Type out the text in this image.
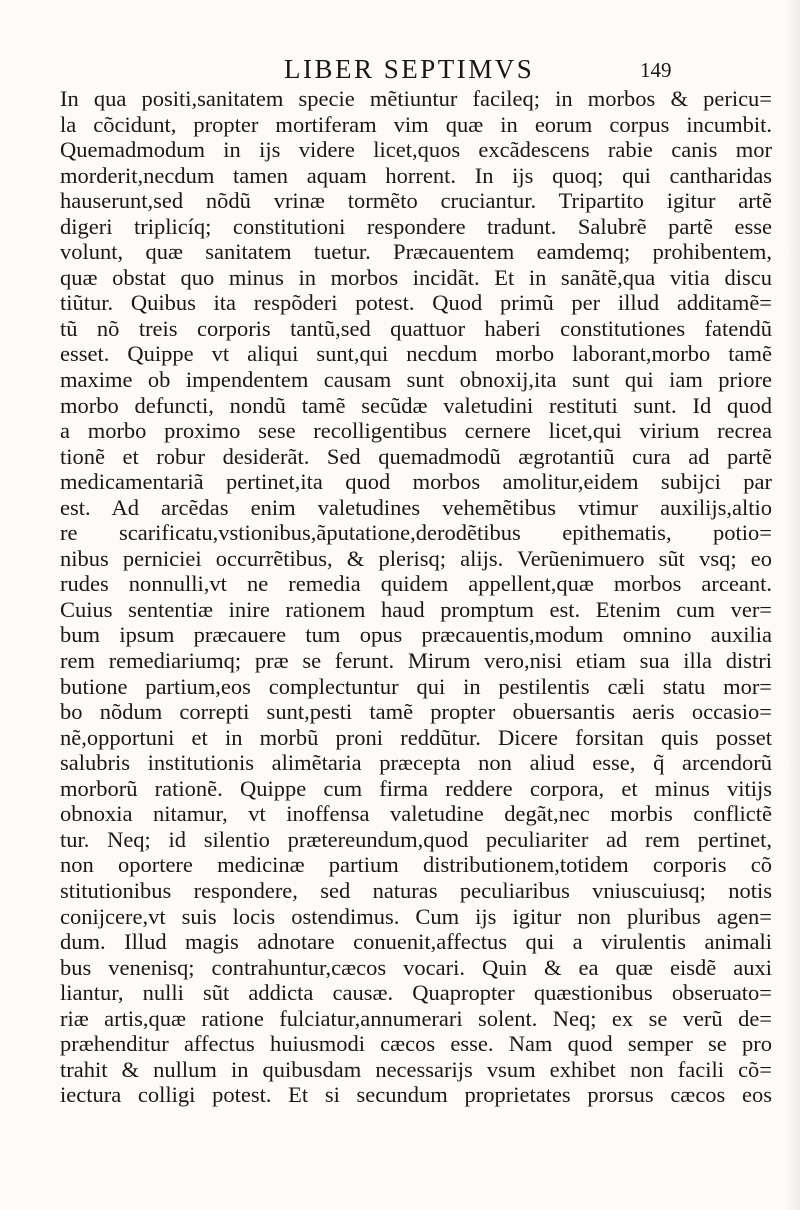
LIBER SEPTIMVS	149
In qua positi,sanitatem specie mẽtiuntur facileq; in morbos & pericu=
la cõcidunt, propter mortiferam vim quæ in eorum corpus incumbit.
Quemadmodum in ijs videre licet,quos excãdescens rabie canis mor
morderit,necdum tamen aquam horrent. In ijs quoq; qui cantharidas
hauserunt,sed nõdũ vrinæ tormẽto cruciantur. Tripartito igitur artẽ
digeri triplicíq; constitutioni respondere tradunt. Salubrẽ partẽ esse
volunt, quæ sanitatem tuetur. Præcauentem eamdemq; prohibentem,
quæ obstat quo minus in morbos incidãt. Et in sanãtẽ,qua vitia discu
tiũtur. Quibus ita respõderi potest. Quod primũ per illud additamẽ=
tũ nõ treis corporis tantũ,sed quattuor haberi constitutiones fatendũ
esset. Quippe vt aliqui sunt,qui necdum morbo laborant,morbo tamẽ
maxime ob impendentem causam sunt obnoxij,ita sunt qui iam priore
morbo defuncti, nondũ tamẽ secũdæ valetudini restituti sunt. Id quod
a morbo proximo sese recolligentibus cernere licet,qui virium recrea
tionẽ et robur desiderãt. Sed quemadmodũ ægrotantiũ cura ad partẽ
medicamentariã pertinet,ita quod morbos amolitur,eidem subijci par
est. Ad arcẽdas enim valetudines vehemẽtibus vtimur auxilijs,altio
re scarificatu,vstionibus,ãputatione,derodẽtibus epithematis, potio=
nibus perniciei occurrẽtibus, & plerisq; alijs. Verũenimuero sũt vsq; eo
rudes nonnulli,vt ne remedia quidem appellent,quæ morbos arceant.
Cuius sententiæ inire rationem haud promptum est. Etenim cum ver=
bum ipsum præcauere tum opus præcauentis,modum omnino auxilia
rem remediariumq; præ se ferunt. Mirum vero,nisi etiam sua illa distri
butione partium,eos complectuntur qui in pestilentis cæli statu mor=
bo nõdum correpti sunt,pesti tamẽ propter obuersantis aeris occasio=
nẽ,opportuni et in morbũ proni reddũtur. Dicere forsitan quis posset
salubris institutionis alimẽtaria præcepta non aliud esse, q̃ arcendorũ
morborũ rationẽ. Quippe cum firma reddere corpora, et minus vitijs
obnoxia nitamur, vt inoffensa valetudine degãt,nec morbis conflictẽ
tur. Neq; id silentio prætereundum,quod peculiariter ad rem pertinet,
non oportere medicinæ partium distributionem,totidem corporis cõ
stitutionibus respondere, sed naturas peculiaribus vniuscuiusq; notis
conijcere,vt suis locis ostendimus. Cum ijs igitur non pluribus agen=
dum. Illud magis adnotare conuenit,affectus qui a virulentis animali
bus venenisq; contrahuntur,cæcos vocari. Quin & ea quæ eisdẽ auxi
liantur, nulli sũt addicta causæ. Quapropter quæstionibus obseruato=
riæ artis,quæ ratione fulciatur,annumerari solent. Neq; ex se verũ de=
præhenditur affectus huiusmodi cæcos esse. Nam quod semper se pro
trahit & nullum in quibusdam necessarijs vsum exhibet non facili cõ=
iectura colligi potest. Et si secundum proprietates prorsus cæcos eos
